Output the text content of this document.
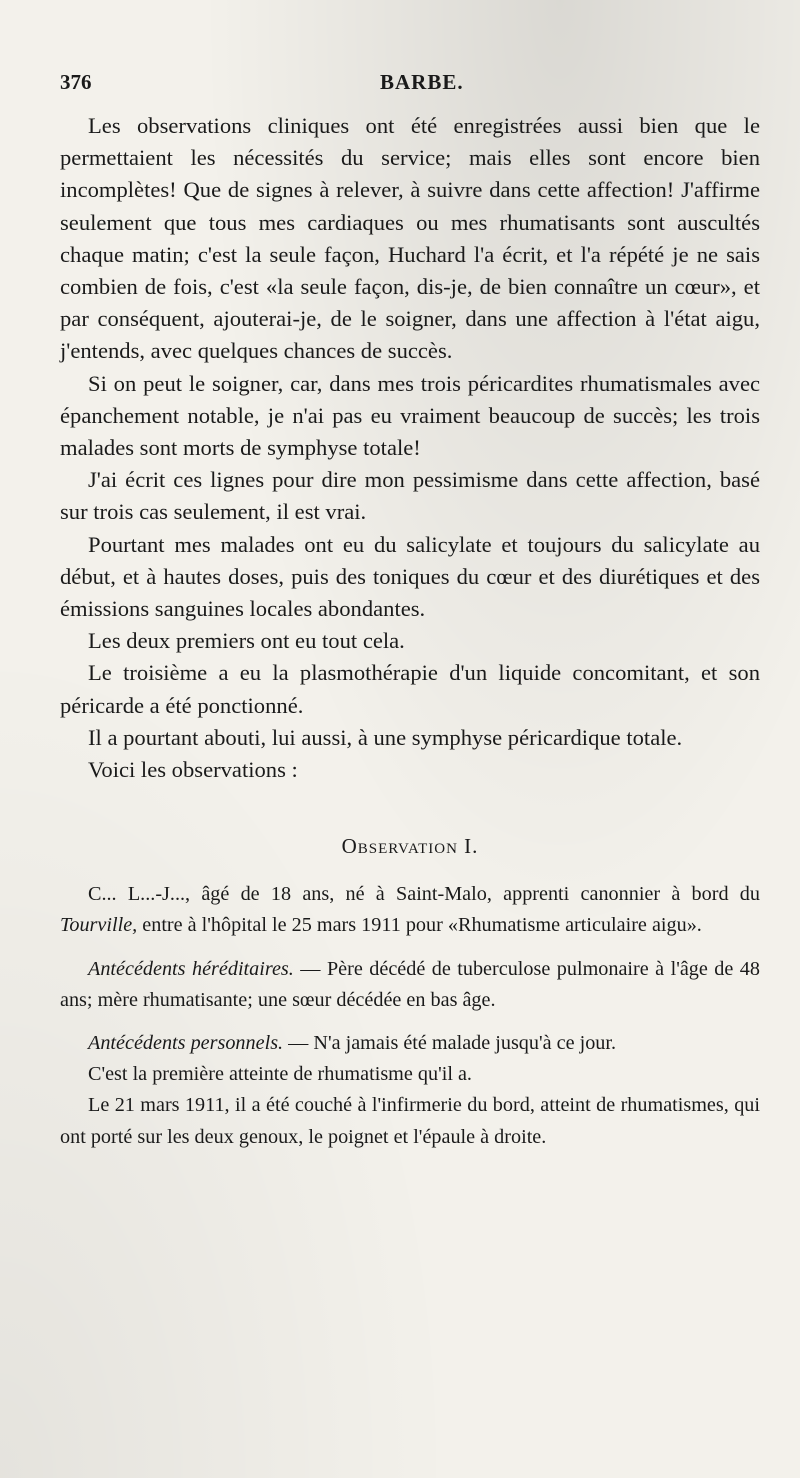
376	BARBE.

Les observations cliniques ont été enregistrées aussi bien que le permettaient les nécessités du service; mais elles sont encore bien incomplètes! Que de signes à relever, à suivre dans cette affection! J'affirme seulement que tous mes cardiaques ou mes rhumatisants sont auscultés chaque matin; c'est la seule façon, Huchard l'a écrit, et l'a répété je ne sais combien de fois, c'est «la seule façon, dis-je, de bien connaître un cœur», et par conséquent, ajouterai-je, de le soigner, dans une affection à l'état aigu, j'entends, avec quelques chances de succès.

Si on peut le soigner, car, dans mes trois péricardites rhumatismales avec épanchement notable, je n'ai pas eu vraiment beaucoup de succès; les trois malades sont morts de symphyse totale!

J'ai écrit ces lignes pour dire mon pessimisme dans cette affection, basé sur trois cas seulement, il est vrai.

Pourtant mes malades ont eu du salicylate et toujours du salicylate au début, et à hautes doses, puis des toniques du cœur et des diurétiques et des émissions sanguines locales abondantes.

Les deux premiers ont eu tout cela.

Le troisième a eu la plasmothérapie d'un liquide concomitant, et son péricarde a été ponctionné.

Il a pourtant abouti, lui aussi, à une symphyse péricardique totale.

Voici les observations :

Observation I.

C... L...-J..., âgé de 18 ans, né à Saint-Malo, apprenti canonnier à bord du Tourville, entre à l'hôpital le 25 mars 1911 pour «Rhumatisme articulaire aigu».

Antécédents héréditaires. — Père décédé de tuberculose pulmonaire à l'âge de 48 ans; mère rhumatisante; une sœur décédée en bas âge.

Antécédents personnels. — N'a jamais été malade jusqu'à ce jour.

C'est la première atteinte de rhumatisme qu'il a.

Le 21 mars 1911, il a été couché à l'infirmerie du bord, atteint de rhumatismes, qui ont porté sur les deux genoux, le poignet et l'épaule à droite.
